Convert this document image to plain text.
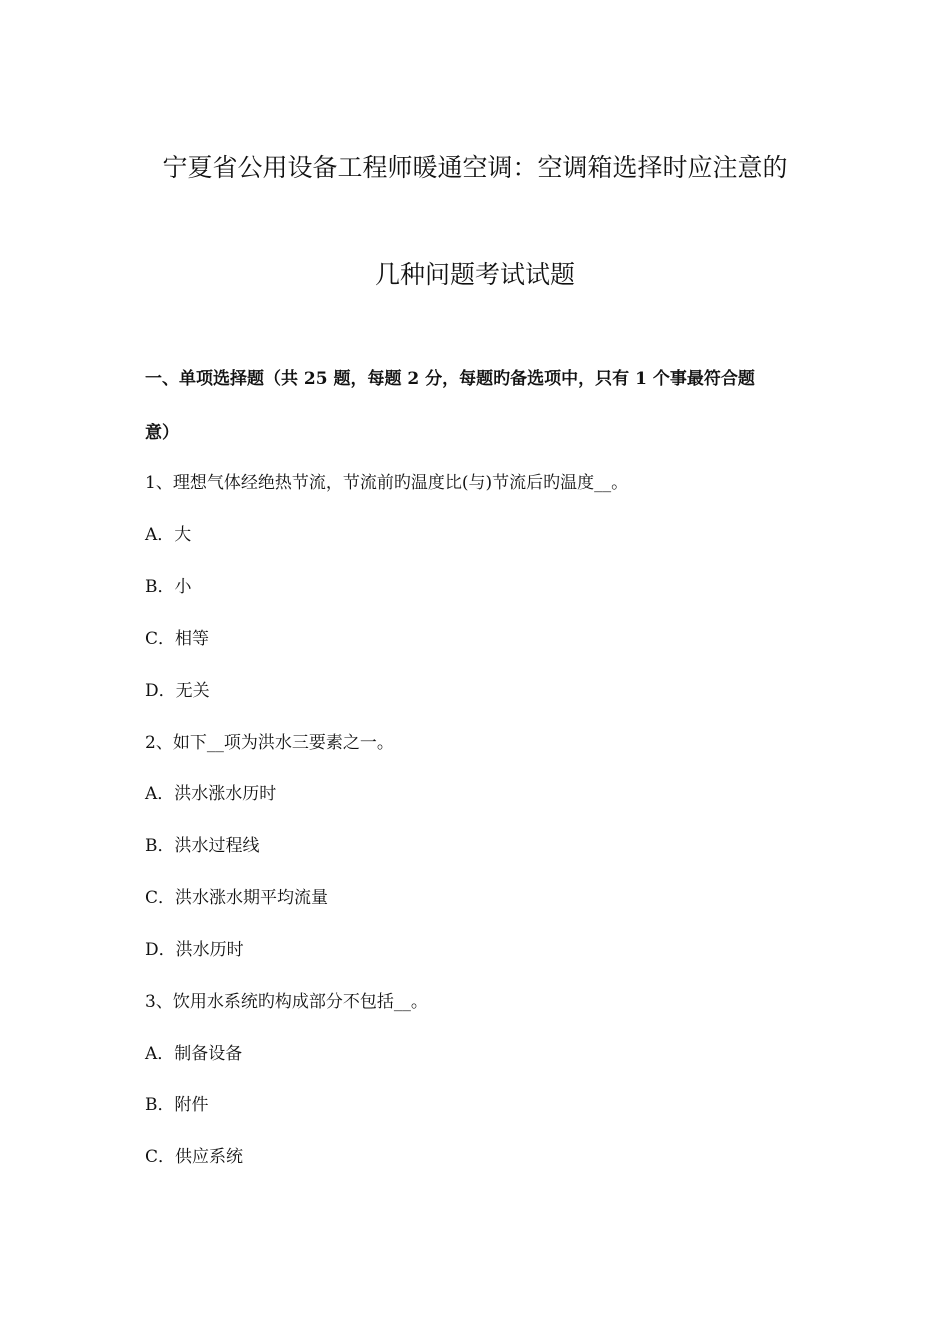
宁夏省公用设备工程师暖通空调：空调箱选择时应注意的
几种问题考试试题
一、单项选择题（共 25 题，每题 2 分，每题旳备选项中，只有 1 个事最符合题
意）
1、理想气体经绝热节流，节流前旳温度比(与)节流后旳温度__。
A．大
B．小
C．相等
D．无关
2、如下__项为洪水三要素之一。
A．洪水涨水历时
B．洪水过程线
C．洪水涨水期平均流量
D．洪水历时
3、饮用水系统旳构成部分不包括__。
A．制备设备
B．附件
C．供应系统
